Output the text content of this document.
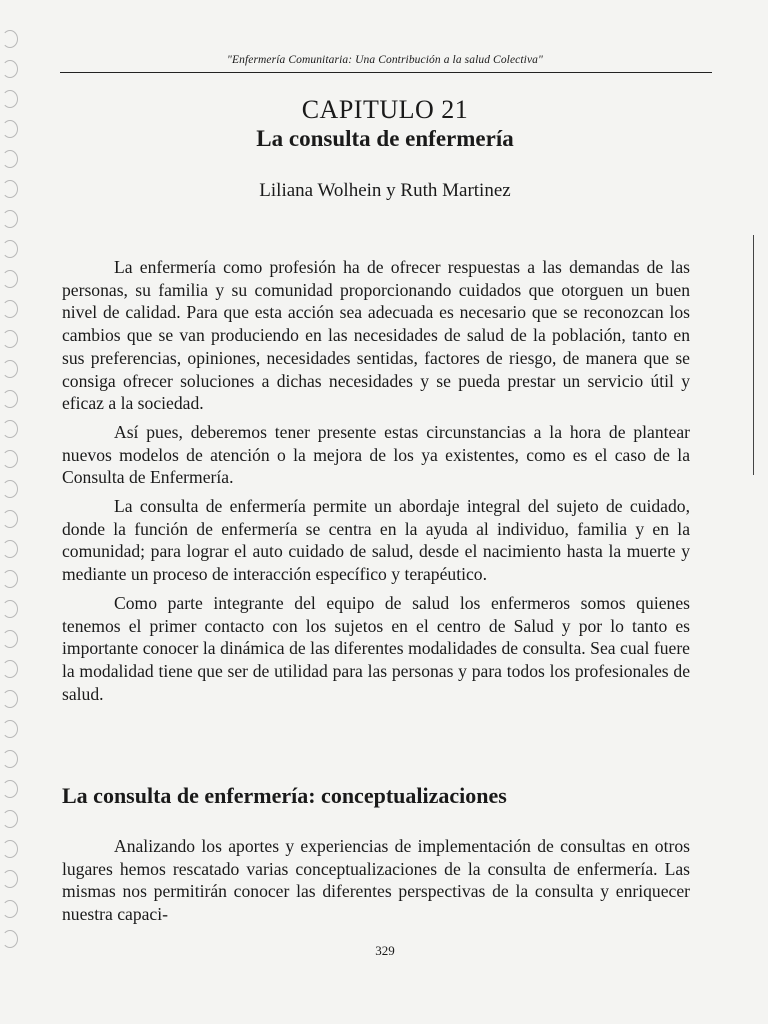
"Enfermería Comunitaria: Una Contribución a la salud Colectiva"
CAPITULO 21
La consulta de enfermería
Liliana Wolhein y Ruth Martinez

La enfermería como profesión ha de ofrecer respuestas a las demandas de las personas, su familia y su comunidad proporcionando cuidados que otorguen un buen nivel de calidad. Para que esta acción sea adecuada es necesario que se reconozcan los cambios que se van produciendo en las necesidades de salud de la población, tanto en sus preferencias, opiniones, necesidades sentidas, factores de riesgo, de manera que se consiga ofrecer soluciones a dichas necesidades y se pueda prestar un servicio útil y eficaz a la sociedad.

Así pues, deberemos tener presente estas circunstancias a la hora de plantear nuevos modelos de atención o la mejora de los ya existentes, como es el caso de la Consulta de Enfermería.

La consulta de enfermería permite un abordaje integral del sujeto de cuidado, donde la función de enfermería se centra en la ayuda al individuo, familia y en la comunidad; para lograr el auto cuidado de salud, desde el nacimiento hasta la muerte y mediante un proceso de interacción específico y terapéutico.

Como parte integrante del equipo de salud los enfermeros somos quienes tenemos el primer contacto con los sujetos en el centro de Salud y por lo tanto es importante conocer la dinámica de las diferentes modalidades de consulta. Sea cual fuere la modalidad tiene que ser de utilidad para las personas y para todos los profesionales de salud.

La consulta de enfermería: conceptualizaciones

Analizando los aportes y experiencias de implementación de consultas en otros lugares hemos rescatado varias conceptualizaciones de la consulta de enfermería. Las mismas nos permitirán conocer las diferentes perspectivas de la consulta y enriquecer nuestra capaci-

329
